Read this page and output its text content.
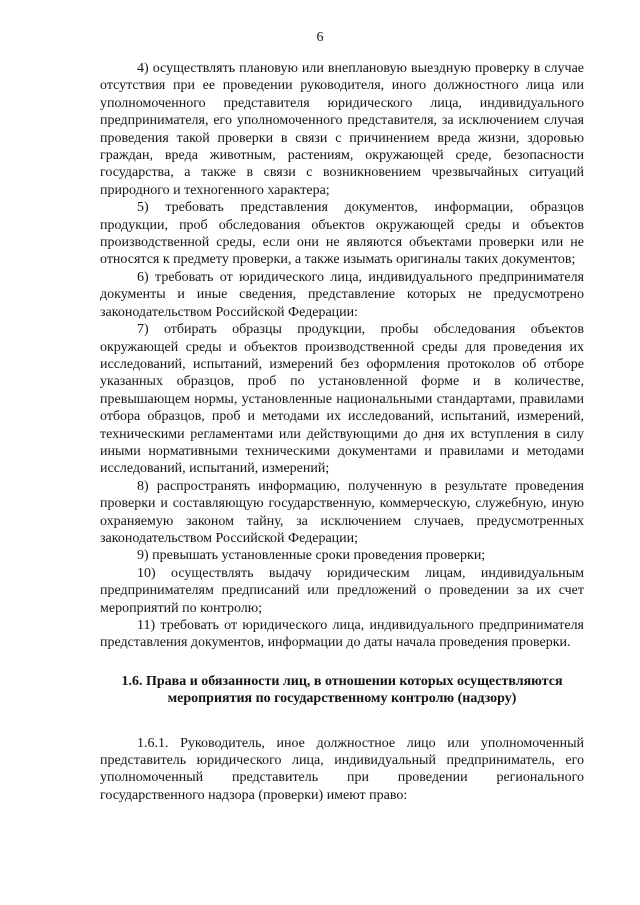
6

4) осуществлять плановую или внеплановую выездную проверку в случае отсутствия при ее проведении руководителя, иного должностного лица или уполномоченного представителя юридического лица, индивидуального предпринимателя, его уполномоченного представителя, за исключением случая проведения такой проверки в связи с причинением вреда жизни, здоровью граждан, вреда животным, растениям, окружающей среде, безопасности государства, а также в связи с возникновением чрезвычайных ситуаций природного и техногенного характера;

5) требовать представления документов, информации, образцов продукции, проб обследования объектов окружающей среды и объектов производственной среды, если они не являются объектами проверки или не относятся к предмету проверки, а также изымать оригиналы таких документов;

6) требовать от юридического лица, индивидуального предпринимателя документы и иные сведения, представление которых не предусмотрено законодательством Российской Федерации:

7) отбирать образцы продукции, пробы обследования объектов окружающей среды и объектов производственной среды для проведения их исследований, испытаний, измерений без оформления протоколов об отборе указанных образцов, проб по установленной форме и в количестве, превышающем нормы, установленные национальными стандартами, правилами отбора образцов, проб и методами их исследований, испытаний, измерений, техническими регламентами или действующими до дня их вступления в силу иными нормативными техническими документами и правилами и методами исследований, испытаний, измерений;

8) распространять информацию, полученную в результате проведения проверки и составляющую государственную, коммерческую, служебную, иную охраняемую законом тайну, за исключением случаев, предусмотренных законодательством Российской Федерации;

9) превышать установленные сроки проведения проверки;

10) осуществлять выдачу юридическим лицам, индивидуальным предпринимателям предписаний или предложений о проведении за их счет мероприятий по контролю;

11) требовать от юридического лица, индивидуального предпринимателя представления документов, информации до даты начала проведения проверки.

1.6. Права и обязанности лиц, в отношении которых осуществляются
мероприятия по государственному контролю (надзору)

1.6.1. Руководитель, иное должностное лицо или уполномоченный представитель юридического лица, индивидуальный предприниматель, его уполномоченный представитель при проведении регионального государственного надзора (проверки) имеют право:
